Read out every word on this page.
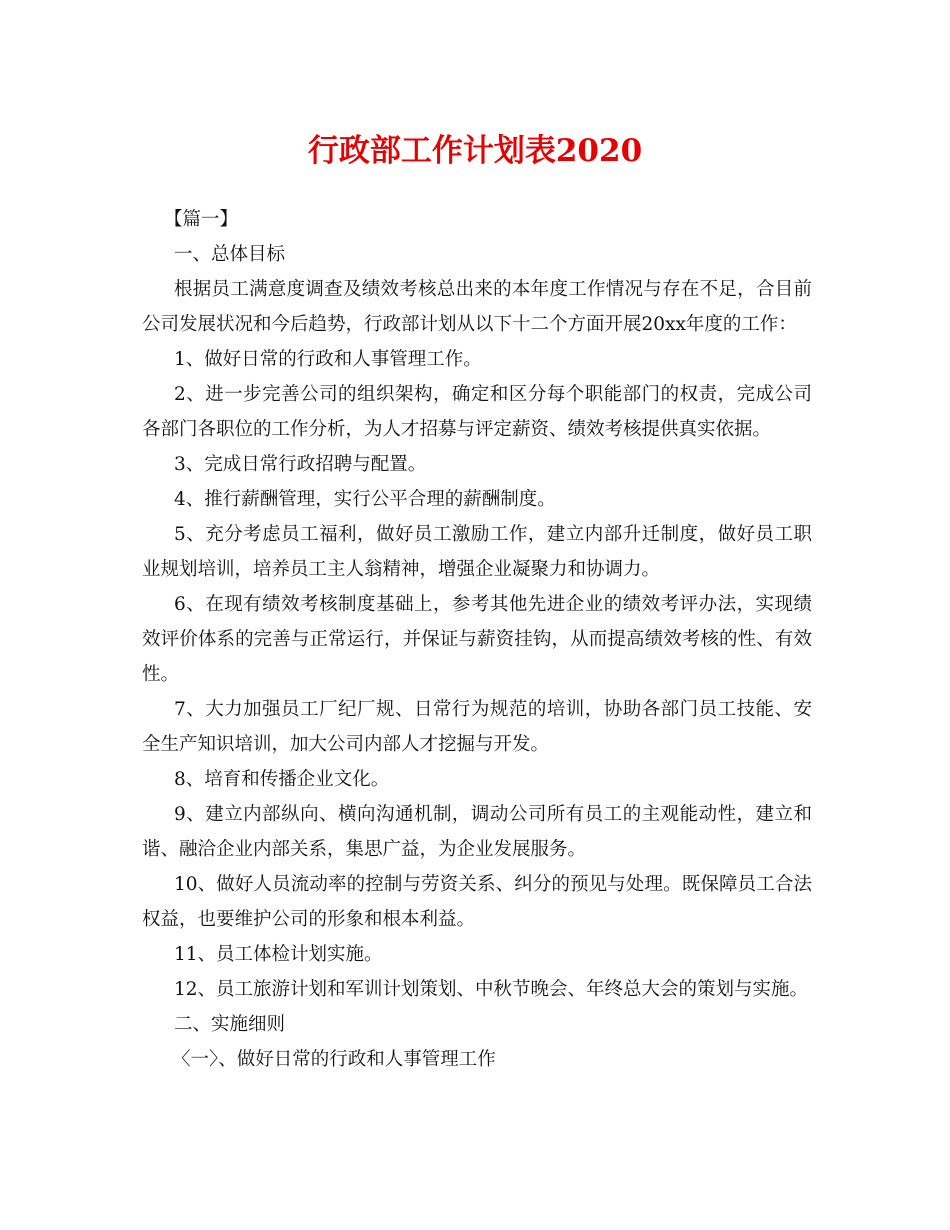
行政部工作计划表2020

【篇一】

一、总体目标

根据员工满意度调查及绩效考核总出来的本年度工作情况与存在不足，合目前公司发展状况和今后趋势，行政部计划从以下十二个方面开展20xx年度的工作：

1、做好日常的行政和人事管理工作。

2、进一步完善公司的组织架构，确定和区分每个职能部门的权责，完成公司各部门各职位的工作分析，为人才招募与评定薪资、绩效考核提供真实依据。

3、完成日常行政招聘与配置。

4、推行薪酬管理，实行公平合理的薪酬制度。

5、充分考虑员工福利，做好员工激励工作，建立内部升迁制度，做好员工职业规划培训，培养员工主人翁精神，增强企业凝聚力和协调力。

6、在现有绩效考核制度基础上，参考其他先进企业的绩效考评办法，实现绩效评价体系的完善与正常运行，并保证与薪资挂钩，从而提高绩效考核的性、有效性。

7、大力加强员工厂纪厂规、日常行为规范的培训，协助各部门员工技能、安全生产知识培训，加大公司内部人才挖掘与开发。

8、培育和传播企业文化。

9、建立内部纵向、横向沟通机制，调动公司所有员工的主观能动性，建立和谐、融洽企业内部关系，集思广益，为企业发展服务。

10、做好人员流动率的控制与劳资关系、纠分的预见与处理。既保障员工合法权益，也要维护公司的形象和根本利益。

11、员工体检计划实施。

12、员工旅游计划和军训计划策划、中秋节晚会、年终总大会的策划与实施。

二、实施细则

〈一〉、做好日常的行政和人事管理工作
